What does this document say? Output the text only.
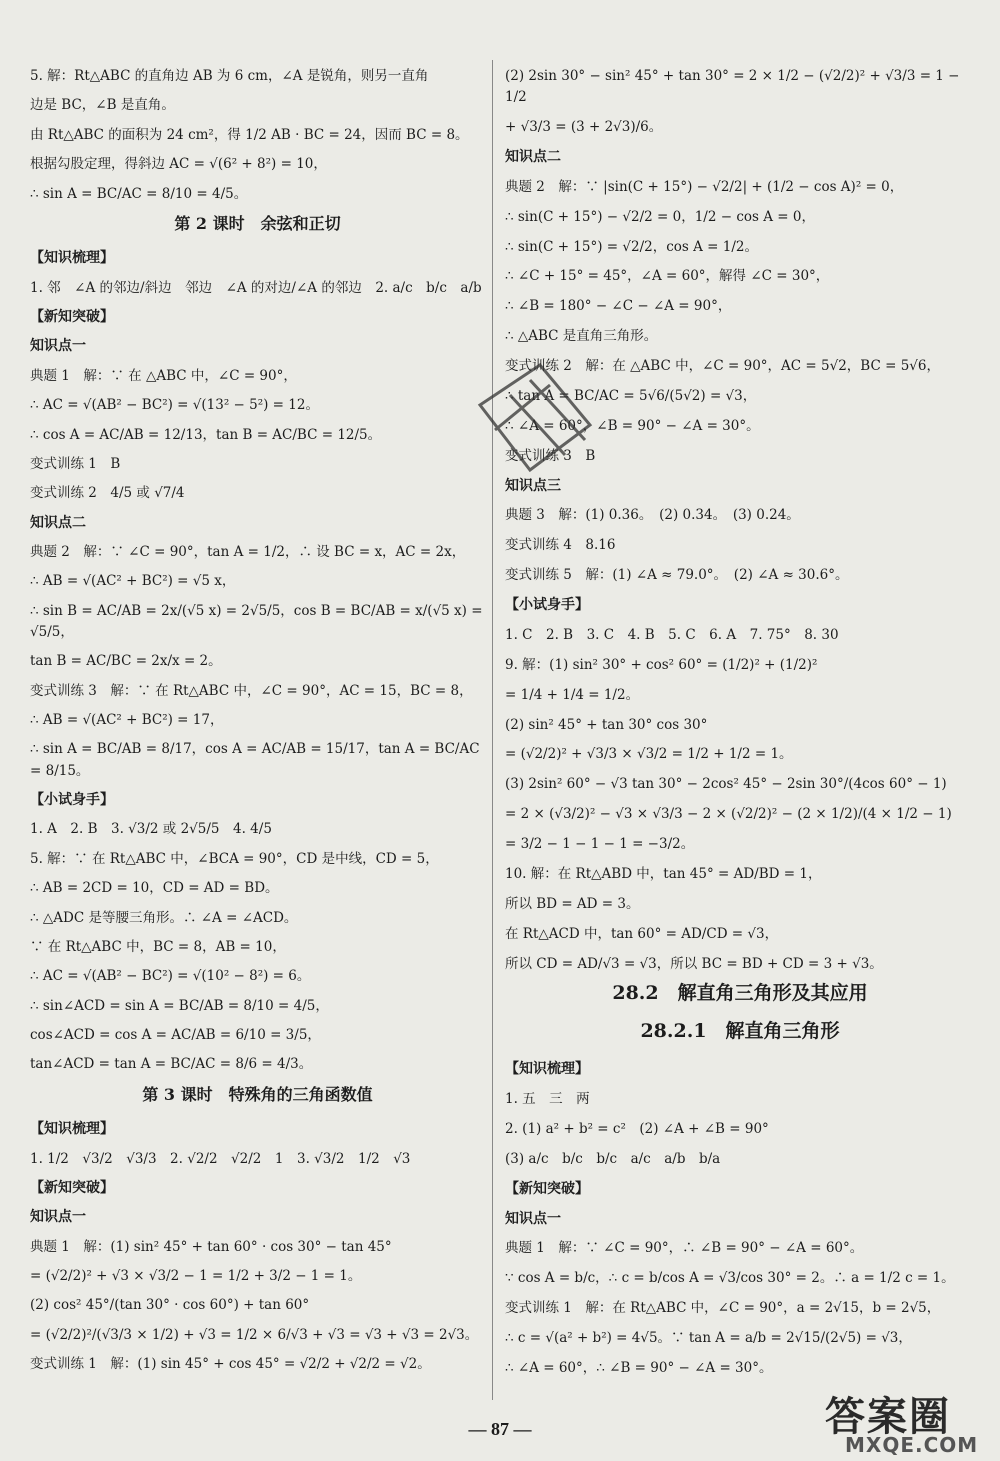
5. 解：Rt△ABC 的直角边 AB 为 6 cm，∠A 是锐角，则另一直角
边是 BC，∠B 是直角。
由 Rt△ABC 的面积为 24 cm²，得 1/2 AB · BC = 24，因而 BC = 8。
根据勾股定理，得斜边 AC = √(6² + 8²) = 10，
∴ sin A = BC/AC = 8/10 = 4/5。
第 2 课时　余弦和正切
【知识梳理】
1. 邻　∠A 的邻边/斜边　邻边　∠A 的对边/∠A 的邻边　2. a/c　b/c　a/b
【新知突破】
知识点一
典题 1　解：∵ 在 △ABC 中，∠C = 90°，
∴ AC = √(AB² − BC²) = √(13² − 5²) = 12。
∴ cos A = AC/AB = 12/13，tan B = AC/BC = 12/5。
变式训练 1　B
变式训练 2　4/5 或 √7/4
知识点二
典题 2　解：∵ ∠C = 90°，tan A = 1/2，∴ 设 BC = x，AC = 2x，
∴ AB = √(AC² + BC²) = √5 x，
∴ sin B = AC/AB = 2x/(√5 x) = 2√5/5，cos B = BC/AB = x/(√5 x) = √5/5，
tan B = AC/BC = 2x/x = 2。
变式训练 3　解：∵ 在 Rt△ABC 中，∠C = 90°，AC = 15，BC = 8，
∴ AB = √(AC² + BC²) = 17，
∴ sin A = BC/AB = 8/17，cos A = AC/AB = 15/17，tan A = BC/AC = 8/15。
【小试身手】
1. A　2. B　3. √3/2 或 2√5/5　4. 4/5
5. 解：∵ 在 Rt△ABC 中，∠BCA = 90°，CD 是中线，CD = 5，
∴ AB = 2CD = 10，CD = AD = BD。
∴ △ADC 是等腰三角形。∴ ∠A = ∠ACD。
∵ 在 Rt△ABC 中，BC = 8，AB = 10，
∴ AC = √(AB² − BC²) = √(10² − 8²) = 6。
∴ sin∠ACD = sin A = BC/AB = 8/10 = 4/5，
cos∠ACD = cos A = AC/AB = 6/10 = 3/5，
tan∠ACD = tan A = BC/AC = 8/6 = 4/3。
第 3 课时　特殊角的三角函数值
【知识梳理】
1. 1/2　√3/2　√3/3　2. √2/2　√2/2　1　3. √3/2　1/2　√3
【新知突破】
知识点一
典题 1　解：(1) sin² 45° + tan 60° · cos 30° − tan 45°
= (√2/2)² + √3 × √3/2 − 1 = 1/2 + 3/2 − 1 = 1。
(2) cos² 45°/(tan 30° · cos 60°) + tan 60°
= (√2/2)²/(√3/3 × 1/2) + √3 = 1/2 × 6/√3 + √3 = √3 + √3 = 2√3。
变式训练 1　解：(1) sin 45° + cos 45° = √2/2 + √2/2 = √2。
(2) 2sin 30° − sin² 45° + tan 30° = 2 × 1/2 − (√2/2)² + √3/3 = 1 − 1/2
+ √3/3 = (3 + 2√3)/6。
知识点二
典题 2　解：∵ |sin(C + 15°) − √2/2| + (1/2 − cos A)² = 0，
∴ sin(C + 15°) − √2/2 = 0，1/2 − cos A = 0，
∴ sin(C + 15°) = √2/2，cos A = 1/2。
∴ ∠C + 15° = 45°，∠A = 60°，解得 ∠C = 30°，
∴ ∠B = 180° − ∠C − ∠A = 90°，
∴ △ABC 是直角三角形。
变式训练 2　解：在 △ABC 中，∠C = 90°，AC = 5√2，BC = 5√6，
∴ tan A = BC/AC = 5√6/(5√2) = √3，
∴ ∠A = 60°，∠B = 90° − ∠A = 30°。
变式训练 3　B
知识点三
典题 3　解：(1) 0.36。　(2) 0.34。　(3) 0.24。
变式训练 4　8.16
变式训练 5　解：(1) ∠A ≈ 79.0°。　(2) ∠A ≈ 30.6°。
【小试身手】
1. C　2. B　3. C　4. B　5. C　6. A　7. 75°　8. 30
9. 解：(1) sin² 30° + cos² 60° = (1/2)² + (1/2)²
= 1/4 + 1/4 = 1/2。
(2) sin² 45° + tan 30° cos 30°
= (√2/2)² + √3/3 × √3/2 = 1/2 + 1/2 = 1。
(3) 2sin² 60° − √3 tan 30° − 2cos² 45° − 2sin 30°/(4cos 60° − 1)
= 2 × (√3/2)² − √3 × √3/3 − 2 × (√2/2)² − (2 × 1/2)/(4 × 1/2 − 1)
= 3/2 − 1 − 1 − 1 = −3/2。
10. 解：在 Rt△ABD 中，tan 45° = AD/BD = 1，
所以 BD = AD = 3。
在 Rt△ACD 中，tan 60° = AD/CD = √3，
所以 CD = AD/√3 = √3，所以 BC = BD + CD = 3 + √3。
28.2　解直角三角形及其应用
28.2.1　解直角三角形
【知识梳理】
1. 五　三　两
2. (1) a² + b² = c²　(2) ∠A + ∠B = 90°
(3) a/c　b/c　b/c　a/c　a/b　b/a
【新知突破】
知识点一
典题 1　解：∵ ∠C = 90°，∴ ∠B = 90° − ∠A = 60°。
∵ cos A = b/c，∴ c = b/cos A = √3/cos 30° = 2。∴ a = 1/2 c = 1。
变式训练 1　解：在 Rt△ABC 中，∠C = 90°，a = 2√15，b = 2√5，
∴ c = √(a² + b²) = 4√5。∵ tan A = a/b = 2√15/(2√5) = √3，
∴ ∠A = 60°，∴ ∠B = 90° − ∠A = 30°。
— 87 —	答案圈
MXQE.COM
